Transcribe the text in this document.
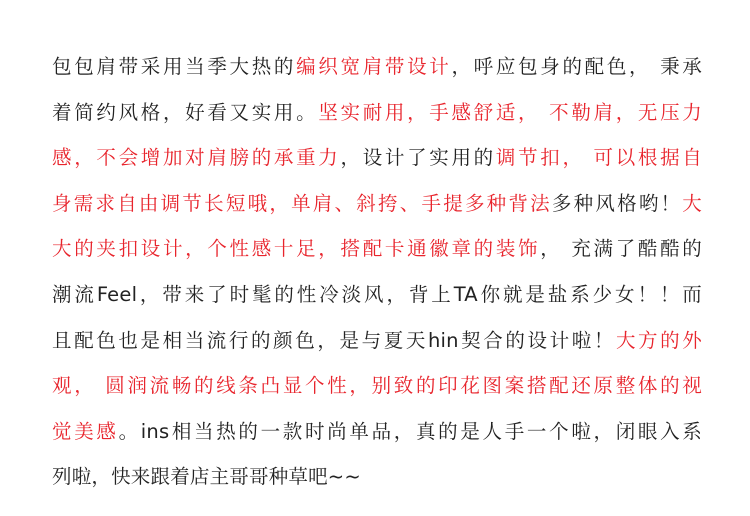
包包肩带采用当季大热的编织宽肩带设计，呼应包身的配色， 秉承
着简约风格，好看又实用。坚实耐用，手感舒适， 不勒肩，无压力
感，不会增加对肩膀的承重力，设计了实用的调节扣， 可以根据自
身需求自由调节长短哦，单肩、斜挎、手提多种背法多种风格哟！大
大的夹扣设计，个性感十足，搭配卡通徽章的装饰， 充满了酷酷的
潮流Feel，带来了时髦的性冷淡风，背上TA你就是盐系少女！！而
且配色也是相当流行的颜色，是与夏天hin契合的设计啦！大方的外
观， 圆润流畅的线条凸显个性，别致的印花图案搭配还原整体的视
觉美感。ins相当热的一款时尚单品，真的是人手一个啦，闭眼入系
列啦，快来跟着店主哥哥种草吧~~
